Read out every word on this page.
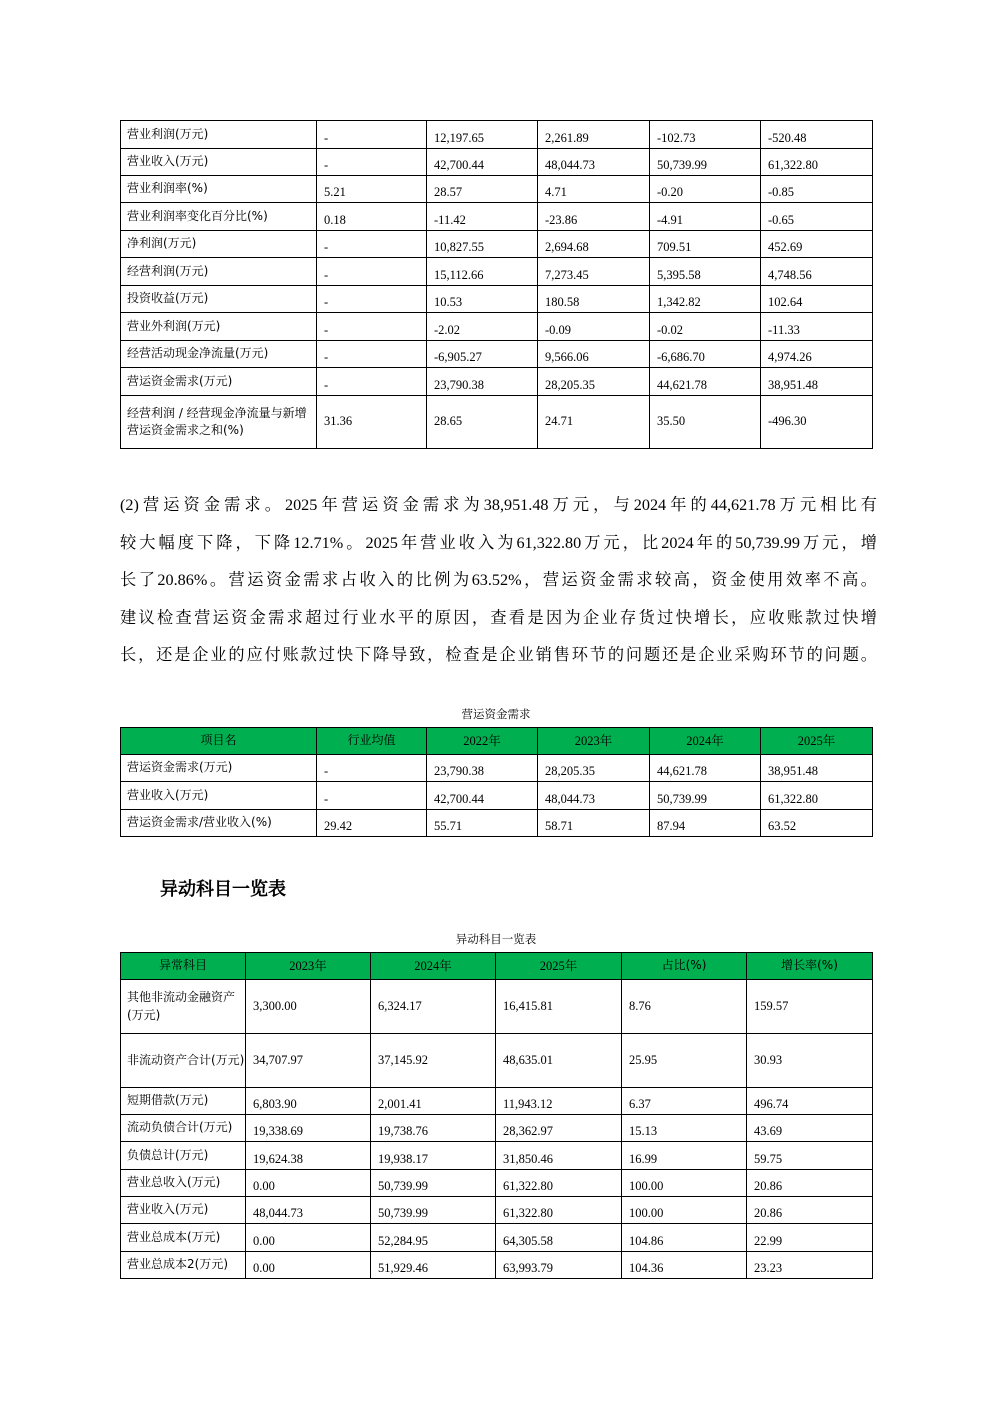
营业利润(万元)	-	12,197.65	2,261.89	-102.73	-520.48
营业收入(万元)	-	42,700.44	48,044.73	50,739.99	61,322.80
营业利润率(%)	5.21	28.57	4.71	-0.20	-0.85
营业利润率变化百分比(%)	0.18	-11.42	-23.86	-4.91	-0.65
净利润(万元)	-	10,827.55	2,694.68	709.51	452.69
经营利润(万元)	-	15,112.66	7,273.45	5,395.58	4,748.56
投资收益(万元)	-	10.53	180.58	1,342.82	102.64
营业外利润(万元)	-	-2.02	-0.09	-0.02	-11.33
经营活动现金净流量(万元)	-	-6,905.27	9,566.06	-6,686.70	4,974.26
营运资金需求(万元)	-	23,790.38	28,205.35	44,621.78	38,951.48
经营利润 / 经营现金净流量与新增营运资金需求之和(%)	31.36	28.65	24.71	35.50	-496.30
(2)营运资金需求。2025年营运资金需求为38,951.48万元，与2024年的44,621.78万元相比有
较大幅度下降，下降12.71%。2025年营业收入为61,322.80万元，比2024年的50,739.99万元，增
长了20.86%。营运资金需求占收入的比例为63.52%，营运资金需求较高，资金使用效率不高。
建议检查营运资金需求超过行业水平的原因，查看是因为企业存货过快增长，应收账款过快增
长，还是企业的应付账款过快下降导致，检查是企业销售环节的问题还是企业采购环节的问题。
营运资金需求
项目名	行业均值	2022年	2023年	2024年	2025年
营运资金需求(万元)	-	23,790.38	28,205.35	44,621.78	38,951.48
营业收入(万元)	-	42,700.44	48,044.73	50,739.99	61,322.80
营运资金需求/营业收入(%)	29.42	55.71	58.71	87.94	63.52
异动科目一览表
异动科目一览表
异常科目	2023年	2024年	2025年	占比(%)	增长率(%)
其他非流动金融资产(万元)	3,300.00	6,324.17	16,415.81	8.76	159.57
非流动资产合计(万元)	34,707.97	37,145.92	48,635.01	25.95	30.93
短期借款(万元)	6,803.90	2,001.41	11,943.12	6.37	496.74
流动负债合计(万元)	19,338.69	19,738.76	28,362.97	15.13	43.69
负债总计(万元)	19,624.38	19,938.17	31,850.46	16.99	59.75
营业总收入(万元)	0.00	50,739.99	61,322.80	100.00	20.86
营业收入(万元)	48,044.73	50,739.99	61,322.80	100.00	20.86
营业总成本(万元)	0.00	52,284.95	64,305.58	104.86	22.99
营业总成本2(万元)	0.00	51,929.46	63,993.79	104.36	23.23
